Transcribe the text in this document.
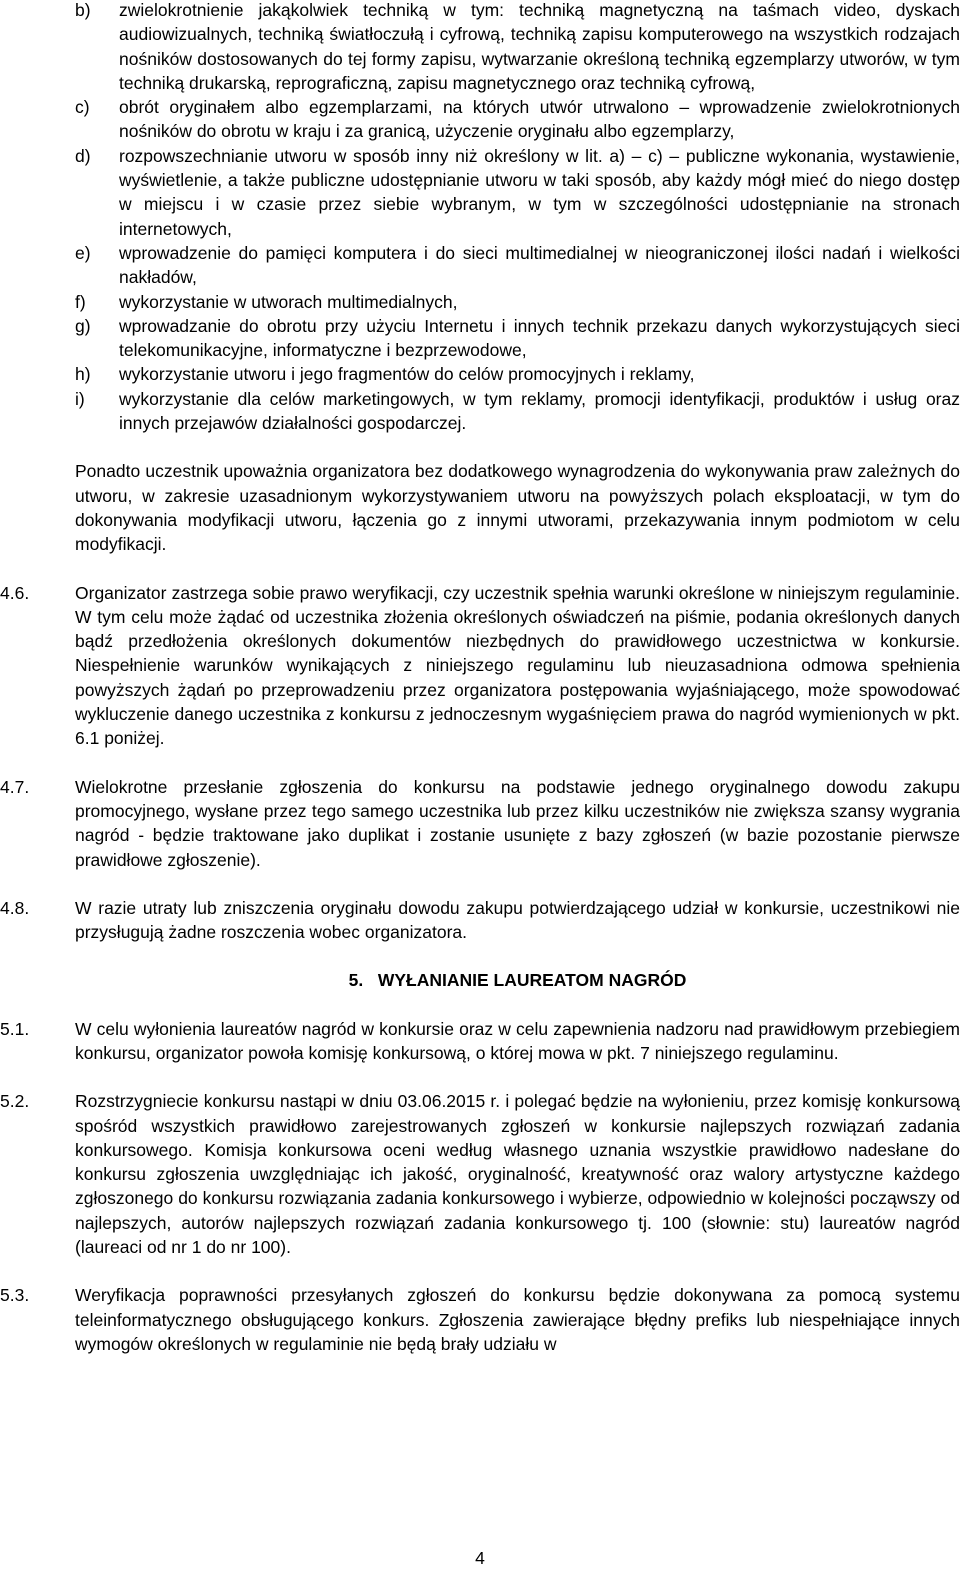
b) zwielokrotnienie jakąkolwiek techniką w tym: techniką magnetyczną na taśmach video, dyskach audiowizualnych, techniką światłoczułą i cyfrową, techniką zapisu komputerowego na wszystkich rodzajach nośników dostosowanych do tej formy zapisu, wytwarzanie określoną techniką egzemplarzy utworów, w tym techniką drukarską, reprograficzną, zapisu magnetycznego oraz techniką cyfrową,
c) obrót oryginałem albo egzemplarzami, na których utwór utrwalono – wprowadzenie zwielokrotnionych nośników do obrotu w kraju i za granicą, użyczenie oryginału albo egzemplarzy,
d) rozpowszechnianie utworu w sposób inny niż określony w lit. a) – c) – publiczne wykonania, wystawienie, wyświetlenie, a także publiczne udostępnianie utworu w taki sposób, aby każdy mógł mieć do niego dostęp w miejscu i w czasie przez siebie wybranym, w tym w szczególności udostępnianie na stronach internetowych,
e) wprowadzenie do pamięci komputera i do sieci multimedialnej w nieograniczonej ilości nadań i wielkości nakładów,
f) wykorzystanie w utworach multimedialnych,
g) wprowadzanie do obrotu przy użyciu Internetu i innych technik przekazu danych wykorzystujących sieci telekomunikacyjne, informatyczne i bezprzewodowe,
h) wykorzystanie utworu i jego fragmentów do celów promocyjnych i reklamy,
i) wykorzystanie dla celów marketingowych, w tym reklamy, promocji identyfikacji, produktów i usług oraz innych przejawów działalności gospodarczej.
Ponadto uczestnik upoważnia organizatora bez dodatkowego wynagrodzenia do wykonywania praw zależnych do utworu, w zakresie uzasadnionym wykorzystywaniem utworu na powyższych polach eksploatacji, w tym do dokonywania modyfikacji utworu, łączenia go z innymi utworami, przekazywania innym podmiotom w celu modyfikacji.
4.6.	Organizator zastrzega sobie prawo weryfikacji, czy uczestnik spełnia warunki określone w niniejszym regulaminie. W tym celu może żądać od uczestnika złożenia określonych oświadczeń na piśmie, podania określonych danych bądź przedłożenia określonych dokumentów niezbędnych do prawidłowego uczestnictwa w konkursie. Niespełnienie warunków wynikających z niniejszego regulaminu lub nieuzasadniona odmowa spełnienia powyższych żądań po przeprowadzeniu przez organizatora postępowania wyjaśniającego, może spowodować wykluczenie danego uczestnika z konkursu z jednoczesnym wygaśnięciem prawa do nagród wymienionych w pkt. 6.1 poniżej.
4.7.	Wielokrotne przesłanie zgłoszenia do konkursu na podstawie jednego oryginalnego dowodu zakupu promocyjnego, wysłane przez tego samego uczestnika lub przez kilku uczestników nie zwiększa szansy wygrania nagród - będzie traktowane jako duplikat i zostanie usunięte z bazy zgłoszeń (w bazie pozostanie pierwsze prawidłowe zgłoszenie).
4.8.	W razie utraty lub zniszczenia oryginału dowodu zakupu potwierdzającego udział w konkursie, uczestnikowi nie przysługują żadne roszczenia wobec organizatora.
5.   WYŁANIANIE LAUREATOM NAGRÓD
5.1.	W celu wyłonienia laureatów nagród w konkursie oraz w celu zapewnienia nadzoru nad prawidłowym przebiegiem konkursu, organizator powoła komisję konkursową, o której mowa w pkt. 7 niniejszego regulaminu.
5.2.	Rozstrzygniecie konkursu nastąpi w dniu 03.06.2015 r. i polegać będzie na wyłonieniu, przez komisję konkursową spośród wszystkich prawidłowo zarejestrowanych zgłoszeń w konkursie najlepszych rozwiązań zadania konkursowego. Komisja konkursowa oceni według własnego uznania wszystkie prawidłowo nadesłane do konkursu zgłoszenia uwzględniając ich jakość, oryginalność, kreatywność oraz walory artystyczne każdego zgłoszonego do konkursu rozwiązania zadania konkursowego i wybierze, odpowiednio w kolejności począwszy od najlepszych, autorów najlepszych rozwiązań zadania konkursowego tj. 100 (słownie: stu) laureatów nagród (laureaci od nr 1 do nr 100).
5.3.	Weryfikacja poprawności przesyłanych zgłoszeń do konkursu będzie dokonywana za pomocą systemu teleinformatycznego obsługującego konkurs. Zgłoszenia zawierające błędny prefiks lub niespełniające innych wymogów określonych w regulaminie nie będą brały udziału w
4
